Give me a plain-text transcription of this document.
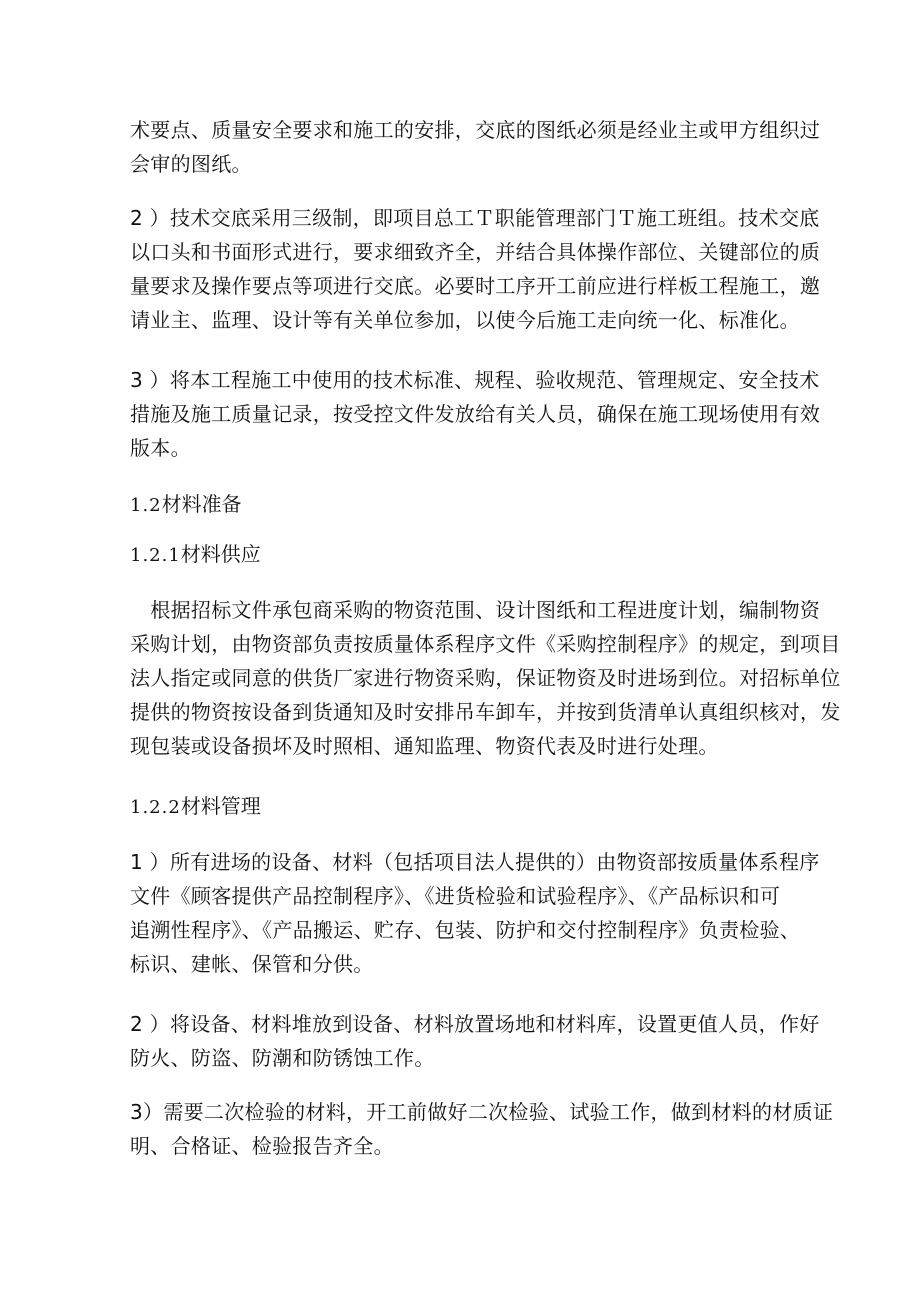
术要点、质量安全要求和施工的安排，交底的图纸必须是经业主或甲方组织过
会审的图纸。

2 ）技术交底采用三级制，即项目总工Ｔ职能管理部门Ｔ施工班组。技术交底
以口头和书面形式进行，要求细致齐全，并结合具体操作部位、关键部位的质
量要求及操作要点等项进行交底。必要时工序开工前应进行样板工程施工，邀
请业主、监理、设计等有关单位参加，以使今后施工走向统一化、标准化。

3 ）将本工程施工中使用的技术标准、规程、验收规范、管理规定、安全技术
措施及施工质量记录，按受控文件发放给有关人员，确保在施工现场使用有效
版本。

1.2材料准备
1.2.1材料供应

　根据招标文件承包商采购的物资范围、设计图纸和工程进度计划，编制物资
采购计划，由物资部负责按质量体系程序文件《采购控制程序》的规定，到项目
法人指定或同意的供货厂家进行物资采购，保证物资及时进场到位。对招标单位
提供的物资按设备到货通知及时安排吊车卸车，并按到货清单认真组织核对，发
现包装或设备损坏及时照相、通知监理、物资代表及时进行处理。

1.2.2材料管理

1 ）所有进场的设备、材料（包括项目法人提供的）由物资部按质量体系程序
文件《顾客提供产品控制程序》、《进货检验和试验程序》、《产品标识和可
追溯性程序》、《产品搬运、贮存、包装、防护和交付控制程序》负责检验、
标识、建帐、保管和分供。

2 ）将设备、材料堆放到设备、材料放置场地和材料库，设置更值人员，作好
防火、防盗、防潮和防锈蚀工作。

3）需要二次检验的材料，开工前做好二次检验、试验工作，做到材料的材质证
明、合格证、检验报告齐全。
